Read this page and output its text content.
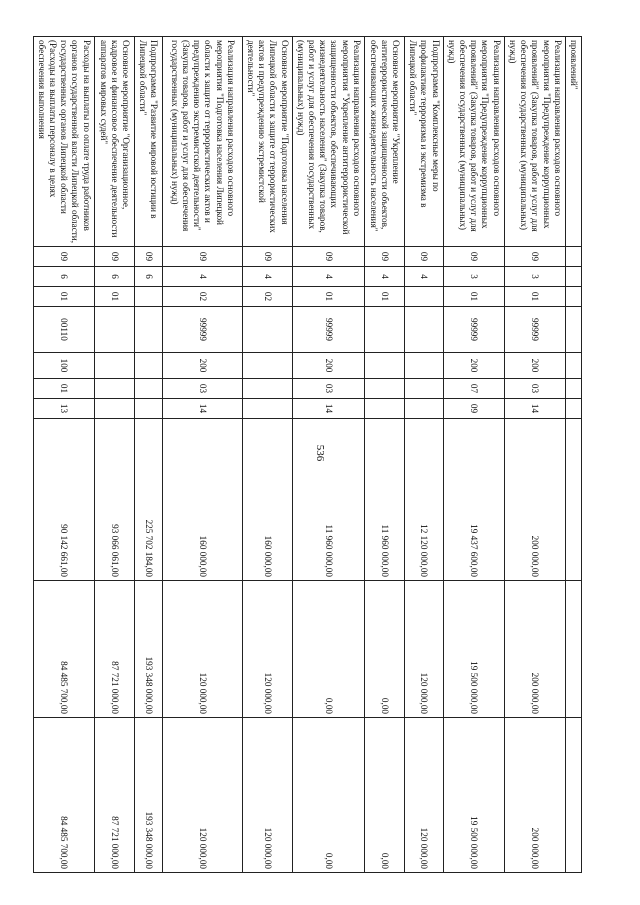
536
проявлений"										
Реализация направления расходов основного мероприятия "Предупреждение коррупционных проявлений" (Закупка товаров, работ и услуг для обеспечения государственных (муниципальных) нужд)	09	3	01	99999	200	03	14	200 000,00	200 000,00	200 000,00
Реализация направления расходов основного мероприятия "Предупреждение коррупционных проявлений" (Закупка товаров, работ и услуг для обеспечения государственных (муниципальных) нужд)	09	3	01	99999	200	07	09	19 437 600,00	19 500 000,00	19 500 000,00
Подпрограмма "Комплексные меры по профилактике терроризма и экстремизма в Липецкой области"	09	4						12 120 000,00	120 000,00	120 000,00
Основное мероприятие "Укрепление антитеррористической защищенности объектов, обеспечивающих жизнедеятельность населения"	09	4	01					11 960 000,00	0,00	0,00
Реализация направления расходов основного мероприятия "Укрепление антитеррористической защищенности объектов, обеспечивающих жизнедеятельность населения" (Закупка товаров, работ и услуг для обеспечения государственных (муниципальных) нужд)	09	4	01	99999	200	03	14	11 960 000,00	0,00	0,00
Основное мероприятие "Подготовка населения Липецкой области к защите от террористических актов и предупреждению экстремистской деятельности"	09	4	02					160 000,00	120 000,00	120 000,00
Реализация направления расходов основного мероприятия "Подготовка населения Липецкой области к защите от террористических актов и предупреждению экстремистской деятельности" (Закупка товаров, работ и услуг для обеспечения государственных (муниципальных) нужд)	09	4	02	99999	200	03	14	160 000,00	120 000,00	120 000,00
Подпрограмма "Развитие мировой юстиции в Липецкой области"	09	6						225 702 184,00	193 348 000,00	193 348 000,00
Основное мероприятие "Организационное, кадровое и финансовое обеспечение деятельности аппаратов мировых судей"	09	6	01					93 066 061,00	87 721 000,00	87 721 000,00
Расходы на выплаты по оплате труда работников органов государственной власти Липецкой области, государственных органов Липецкой области (Расходы на выплаты персоналу в целях обеспечения выполнения	09	6	01	00110	100	01	13	90 142 661,00	84 485 700,00	84 485 700,00
